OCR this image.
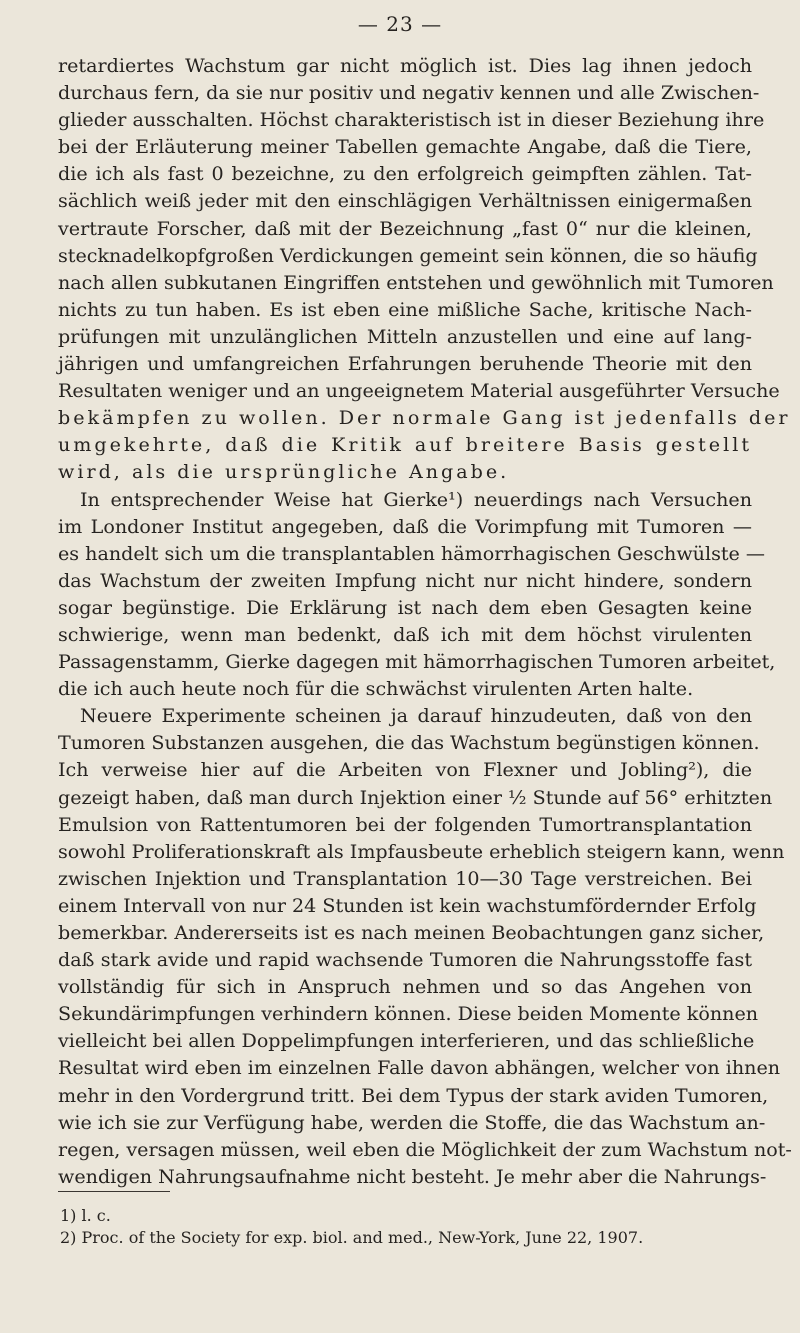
— 23 —
retardiertes Wachstum gar nicht möglich ist. Dies lag ihnen jedoch
durchaus fern, da sie nur positiv und negativ kennen und alle Zwischen-
glieder ausschalten. Höchst charakteristisch ist in dieser Beziehung ihre
bei der Erläuterung meiner Tabellen gemachte Angabe, daß die Tiere,
die ich als fast 0 bezeichne, zu den erfolgreich geimpften zählen. Tat-
sächlich weiß jeder mit den einschlägigen Verhältnissen einigermaßen
vertraute Forscher, daß mit der Bezeichnung „fast 0“ nur die kleinen,
stecknadelkopfgroßen Verdickungen gemeint sein können, die so häufig
nach allen subkutanen Eingriffen entstehen und gewöhnlich mit Tumoren
nichts zu tun haben. Es ist eben eine mißliche Sache, kritische Nach-
prüfungen mit unzulänglichen Mitteln anzustellen und eine auf lang-
jährigen und umfangreichen Erfahrungen beruhende Theorie mit den
Resultaten weniger und an ungeeignetem Material ausgeführter Versuche
bekämpfen zu wollen. Der normale Gang ist jedenfalls der
umgekehrte, daß die Kritik auf breitere Basis gestellt
wird, als die ursprüngliche Angabe.
In entsprechender Weise hat Gierke¹) neuerdings nach Versuchen
im Londoner Institut angegeben, daß die Vorimpfung mit Tumoren —
es handelt sich um die transplantablen hämorrhagischen Geschwülste —
das Wachstum der zweiten Impfung nicht nur nicht hindere, sondern
sogar begünstige. Die Erklärung ist nach dem eben Gesagten keine
schwierige, wenn man bedenkt, daß ich mit dem höchst virulenten
Passagenstamm, Gierke dagegen mit hämorrhagischen Tumoren arbeitet,
die ich auch heute noch für die schwächst virulenten Arten halte.
Neuere Experimente scheinen ja darauf hinzudeuten, daß von den
Tumoren Substanzen ausgehen, die das Wachstum begünstigen können.
Ich verweise hier auf die Arbeiten von Flexner und Jobling²), die
gezeigt haben, daß man durch Injektion einer ½ Stunde auf 56° erhitzten
Emulsion von Rattentumoren bei der folgenden Tumortransplantation
sowohl Proliferationskraft als Impfausbeute erheblich steigern kann, wenn
zwischen Injektion und Transplantation 10—30 Tage verstreichen. Bei
einem Intervall von nur 24 Stunden ist kein wachstumfördernder Erfolg
bemerkbar. Andererseits ist es nach meinen Beobachtungen ganz sicher,
daß stark avide und rapid wachsende Tumoren die Nahrungsstoffe fast
vollständig für sich in Anspruch nehmen und so das Angehen von
Sekundärimpfungen verhindern können. Diese beiden Momente können
vielleicht bei allen Doppelimpfungen interferieren, und das schließliche
Resultat wird eben im einzelnen Falle davon abhängen, welcher von ihnen
mehr in den Vordergrund tritt. Bei dem Typus der stark aviden Tumoren,
wie ich sie zur Verfügung habe, werden die Stoffe, die das Wachstum an-
regen, versagen müssen, weil eben die Möglichkeit der zum Wachstum not-
wendigen Nahrungsaufnahme nicht besteht. Je mehr aber die Nahrungs-
1) l. c.
2) Proc. of the Society for exp. biol. and med., New-York, June 22, 1907.
